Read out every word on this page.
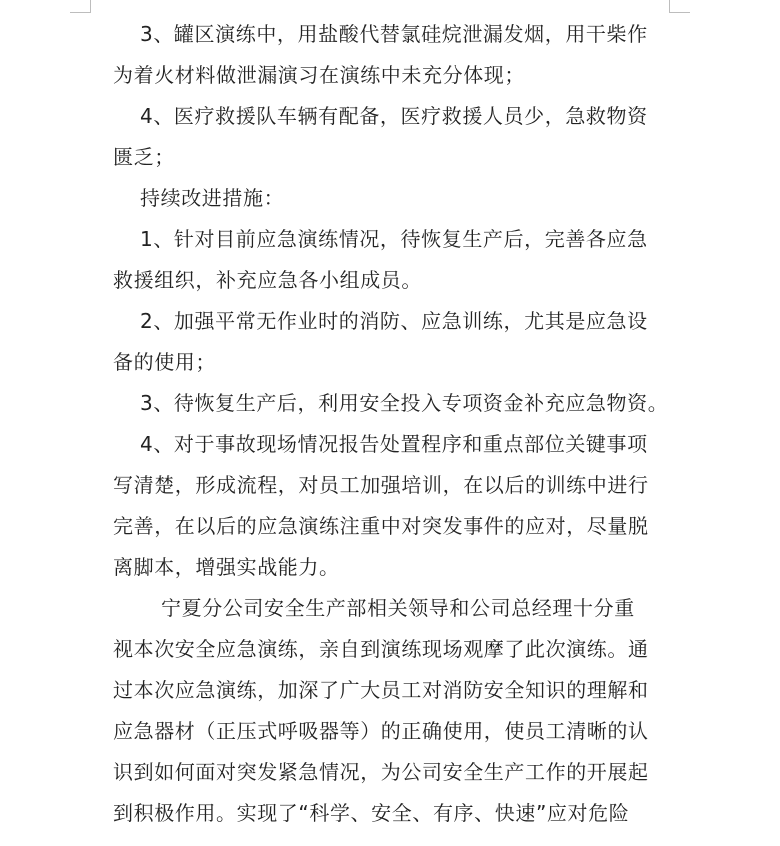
3、罐区演练中，用盐酸代替氯硅烷泄漏发烟，用干柴作
为着火材料做泄漏演习在演练中未充分体现；
4、医疗救援队车辆有配备，医疗救援人员少，急救物资
匮乏；
持续改进措施：
1、针对目前应急演练情况，待恢复生产后，完善各应急
救援组织，补充应急各小组成员。
2、加强平常无作业时的消防、应急训练，尤其是应急设
备的使用；
3、待恢复生产后，利用安全投入专项资金补充应急物资。
4、对于事故现场情况报告处置程序和重点部位关键事项
写清楚，形成流程，对员工加强培训，在以后的训练中进行
完善，在以后的应急演练注重中对突发事件的应对，尽量脱
离脚本，增强实战能力。
宁夏分公司安全生产部相关领导和公司总经理十分重
视本次安全应急演练，亲自到演练现场观摩了此次演练。通
过本次应急演练，加深了广大员工对消防安全知识的理解和
应急器材（正压式呼吸器等）的正确使用，使员工清晰的认
识到如何面对突发紧急情况，为公司安全生产工作的开展起
到积极作用。实现了“科学、安全、有序、快速”应对危险
